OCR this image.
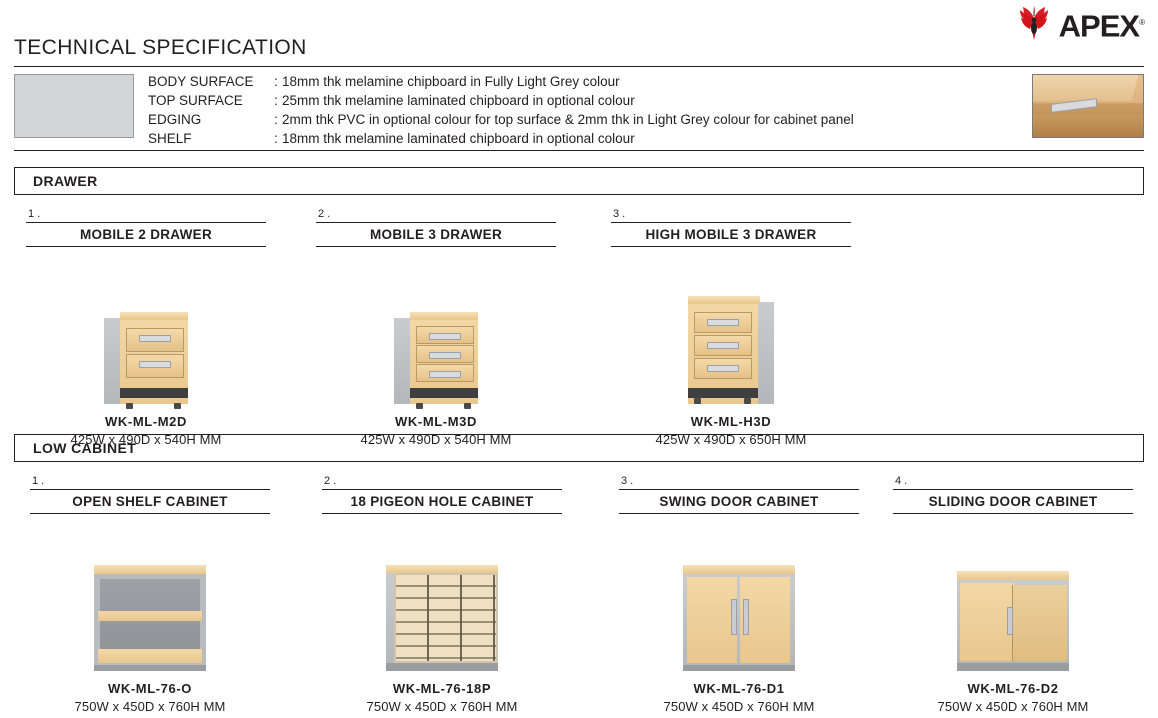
APEX®
TECHNICAL SPECIFICATION
BODY SURFACE	: 18mm thk melamine chipboard in Fully Light Grey colour
TOP SURFACE	: 25mm thk melamine laminated chipboard in optional colour
EDGING	: 2mm thk PVC in optional colour for top surface & 2mm thk in Light Grey colour for cabinet panel
SHELF	: 18mm thk melamine laminated chipboard in optional colour
DRAWER
1 .
MOBILE 2 DRAWER
WK-ML-M2D
425W x 490D x 540H MM
2 .
MOBILE 3 DRAWER
WK-ML-M3D
425W x 490D x 540H MM
3 .
HIGH MOBILE 3 DRAWER
WK-ML-H3D
425W x 490D x 650H MM
LOW CABINET
1 .
OPEN SHELF CABINET
WK-ML-76-O
750W x 450D x 760H MM
2 .
18 PIGEON HOLE CABINET
WK-ML-76-18P
750W x 450D x 760H MM
3 .
SWING DOOR CABINET
WK-ML-76-D1
750W x 450D x 760H MM
4 .
SLIDING DOOR CABINET
WK-ML-76-D2
750W x 450D x 760H MM
